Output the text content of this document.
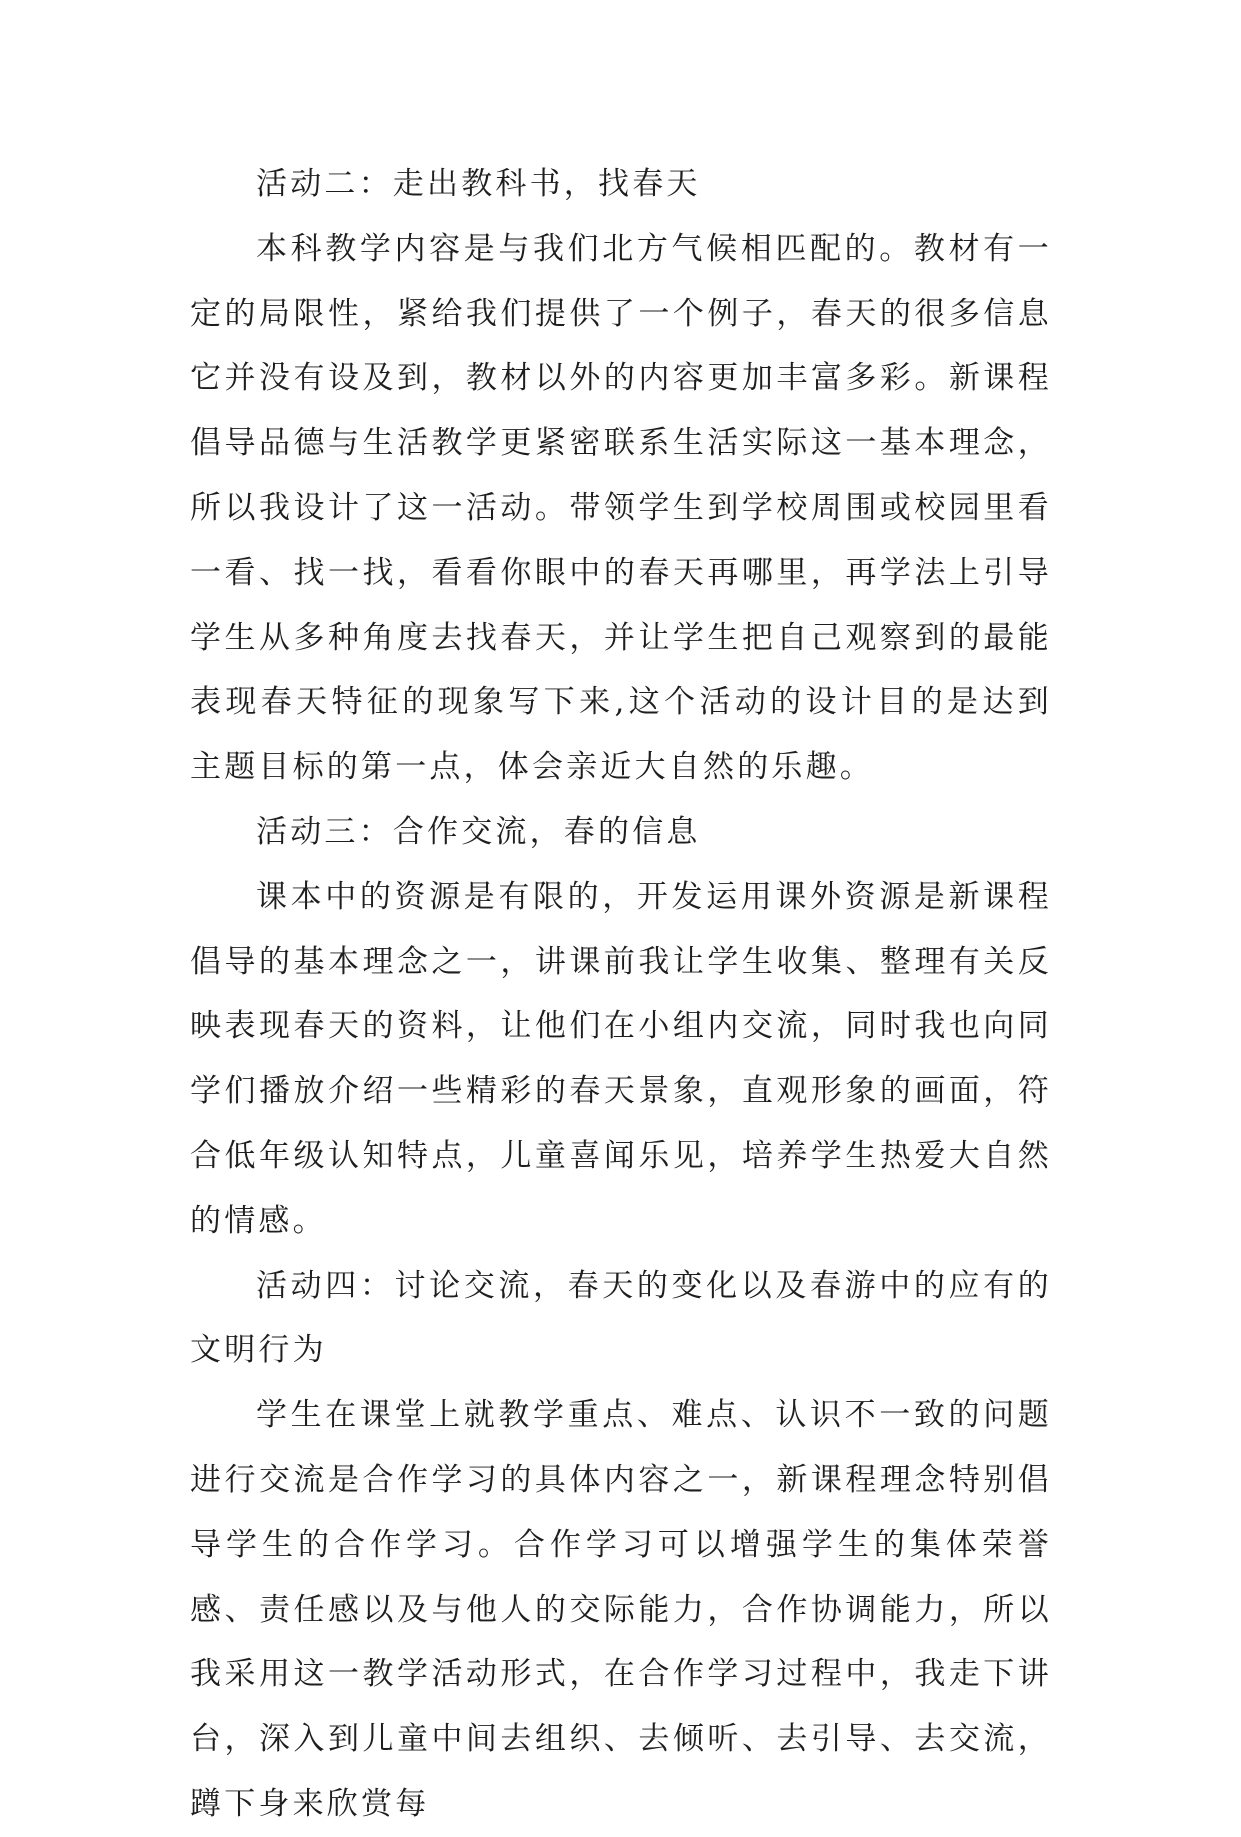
活动二：走出教科书，找春天

本科教学内容是与我们北方气候相匹配的。教材有一定的局限性，紧给我们提供了一个例子，春天的很多信息它并没有设及到，教材以外的内容更加丰富多彩。新课程倡导品德与生活教学更紧密联系生活实际这一基本理念，所以我设计了这一活动。带领学生到学校周围或校园里看一看、找一找，看看你眼中的春天再哪里，再学法上引导学生从多种角度去找春天，并让学生把自己观察到的最能表现春天特征的现象写下来,这个活动的设计目的是达到主题目标的第一点，体会亲近大自然的乐趣。

活动三：合作交流，春的信息

课本中的资源是有限的，开发运用课外资源是新课程倡导的基本理念之一，讲课前我让学生收集、整理有关反映表现春天的资料，让他们在小组内交流，同时我也向同学们播放介绍一些精彩的春天景象，直观形象的画面，符合低年级认知特点，儿童喜闻乐见，培养学生热爱大自然的情感。

活动四：讨论交流，春天的变化以及春游中的应有的文明行为

学生在课堂上就教学重点、难点、认识不一致的问题进行交流是合作学习的具体内容之一，新课程理念特别倡导学生的合作学习。合作学习可以增强学生的集体荣誉感、责任感以及与他人的交际能力，合作协调能力，所以我采用这一教学活动形式，在合作学习过程中，我走下讲台，深入到儿童中间去组织、去倾听、去引导、去交流，蹲下身来欣赏每
